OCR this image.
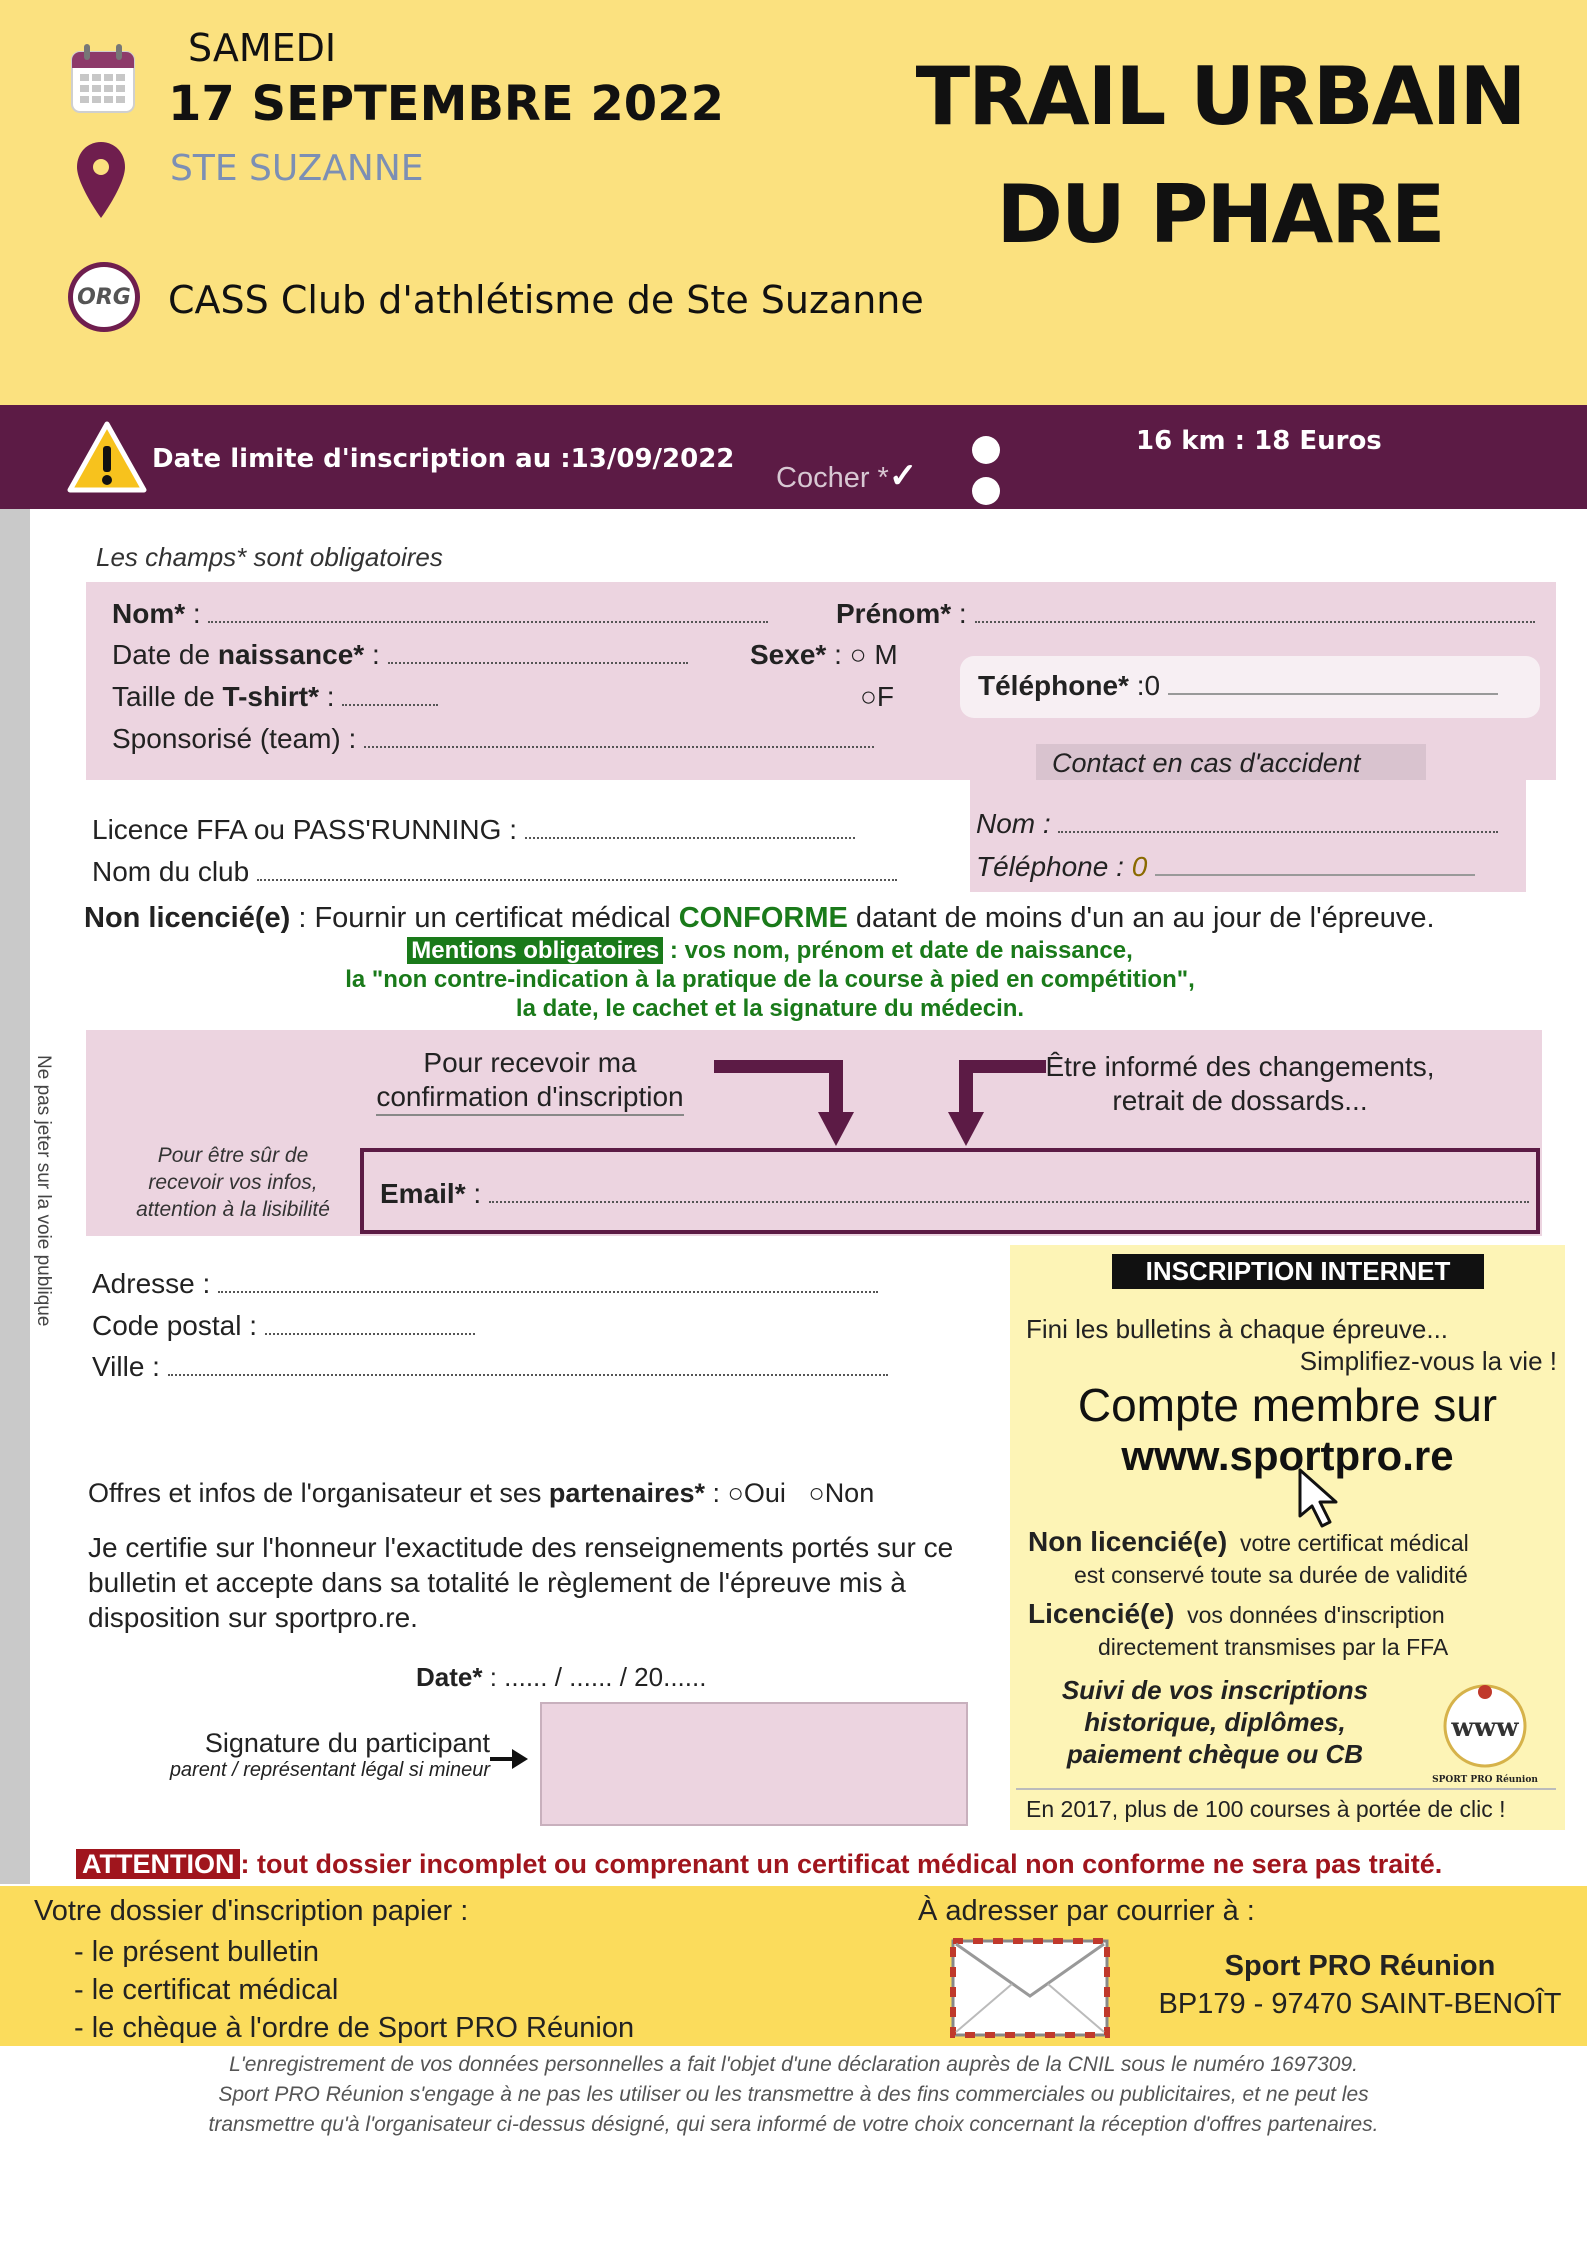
SAMEDI
17 SEPTEMBRE 2022
STE SUZANNE
ORG CASS Club d'athlétisme de Ste Suzanne
TRAIL URBAIN
DU PHARE
Date limite d'inscription au :13/09/2022
Cocher *✓
16 km : 18 Euros
Les champs* sont obligatoires
Nom* :	Prénom* :
Date de naissance* :	Sexe* : ○ M
○F
Taille de T-shirt* :	Téléphone* :0
Sponsorisé (team) :
Contact en cas d'accident
Nom :
Téléphone : 0
Licence FFA ou PASS'RUNNING :
Nom du club
Non licencié(e) : Fournir un certificat médical CONFORME datant de moins d'un an au jour de l'épreuve.
Mentions obligatoires : vos nom, prénom et date de naissance,
la "non contre-indication à la pratique de la course à pied en compétition",
la date, le cachet et la signature du médecin.
Pour recevoir ma
confirmation d'inscription
Être informé des changements,
retrait de dossards...
Pour être sûr de
recevoir vos infos,
attention à la lisibilité
Email* :
Ne pas jeter sur la voie publique Adresse :
Code postal :
Ville :
Offres et infos de l'organisateur et ses partenaires* : ○Oui ○Non
Je certifie sur l'honneur l'exactitude des renseignements portés sur ce
bulletin et accepte dans sa totalité le règlement de l'épreuve mis à
disposition sur sportpro.re.
Date* : ...... / ...... / 20......
Signature du participant
parent / représentant légal si mineur
INSCRIPTION INTERNET
Fini les bulletins à chaque épreuve...
Simplifiez-vous la vie !
Compte membre sur
www.sportpro.re
Non licencié(e) votre certificat médical
est conservé toute sa durée de validité
Licencié(e) vos données d'inscription
directement transmises par la FFA
Suivi de vos inscriptions
historique, diplômes,
paiement chèque ou CB
www
SPORT PRO Réunion
En 2017, plus de 100 courses à portée de clic !
ATTENTION : tout dossier incomplet ou comprenant un certificat médical non conforme ne sera pas traité.
Votre dossier d'inscription papier :
- le présent bulletin
- le certificat médical
- le chèque à l'ordre de Sport PRO Réunion
À adresser par courrier à :
Sport PRO Réunion
BP179 - 97470 SAINT-BENOÎT
L'enregistrement de vos données personnelles a fait l'objet d'une déclaration auprès de la CNIL sous le numéro 1697309.
Sport PRO Réunion s'engage à ne pas les utiliser ou les transmettre à des fins commerciales ou publicitaires, et ne peut les
transmettre qu'à l'organisateur ci-dessus désigné, qui sera informé de votre choix concernant la réception d'offres partenaires.
